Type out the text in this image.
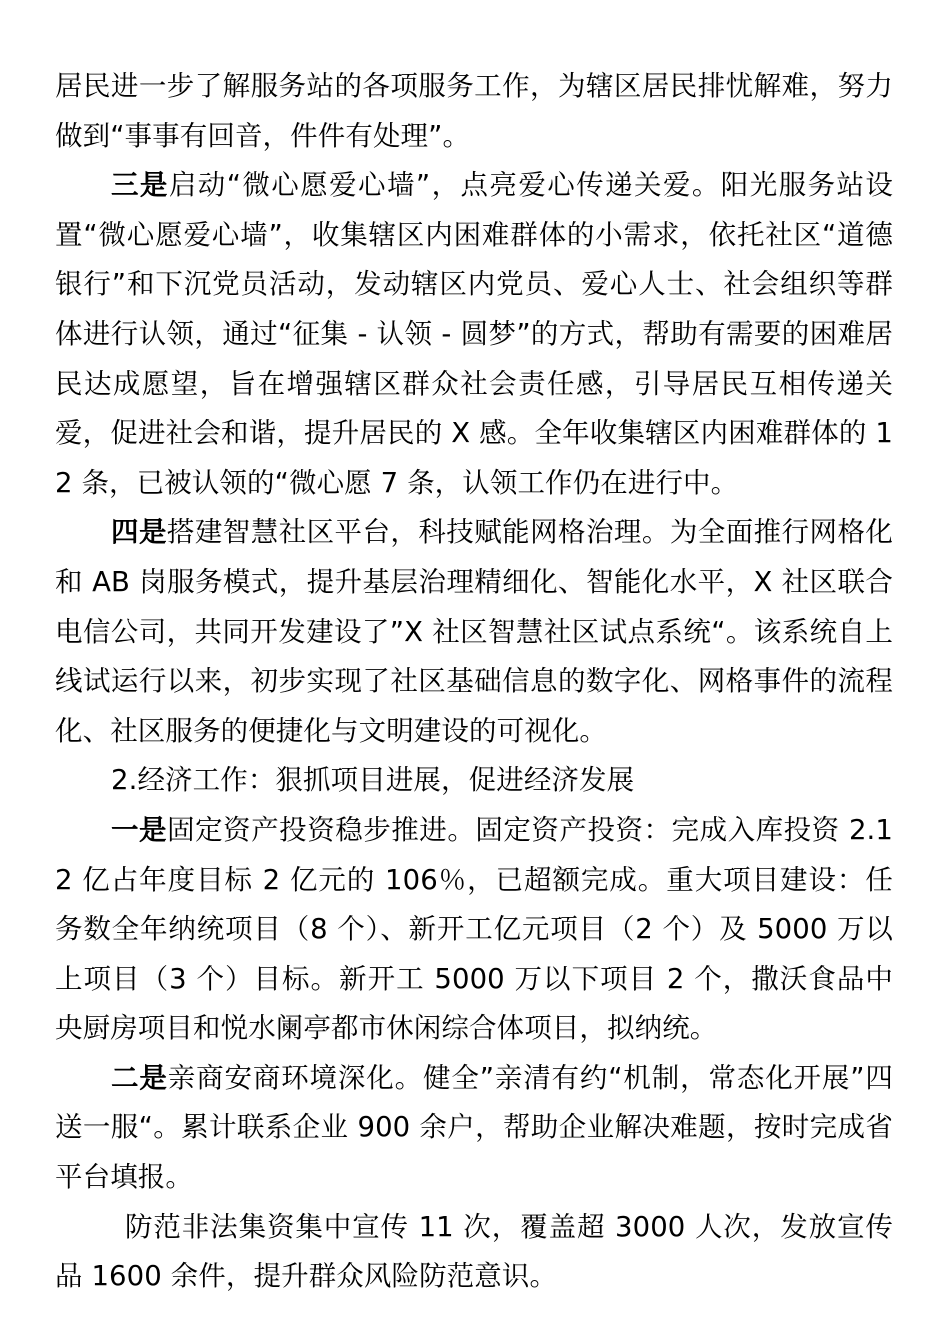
居民进一步了解服务站的各项服务工作，为辖区居民排忧解难，努力做到“事事有回音，件件有处理”。

三是启动“微心愿爱心墙”，点亮爱心传递关爱。阳光服务站设置“微心愿爱心墙”，收集辖区内困难群体的小需求，依托社区“道德银行”和下沉党员活动，发动辖区内党员、爱心人士、社会组织等群体进行认领，通过“征集 - 认领 - 圆梦”的方式，帮助有需要的困难居民达成愿望，旨在增强辖区群众社会责任感，引导居民互相传递关爱，促进社会和谐，提升居民的 X 感。全年收集辖区内困难群体的 12 条，已被认领的“微心愿 7 条，认领工作仍在进行中。

四是搭建智慧社区平台，科技赋能网格治理。为全面推行网格化和 AB 岗服务模式，提升基层治理精细化、智能化水平，X 社区联合电信公司，共同开发建设了”X 社区智慧社区试点系统“。该系统自上线试运行以来，初步实现了社区基础信息的数字化、网格事件的流程化、社区服务的便捷化与文明建设的可视化。

2.经济工作：狠抓项目进展，促进经济发展

一是固定资产投资稳步推进。固定资产投资：完成入库投资 2.12 亿占年度目标 2 亿元的 106％，已超额完成。重大项目建设：任务数全年纳统项目（8 个）、新开工亿元项目（2 个）及 5000 万以上项目（3 个）目标。新开工 5000 万以下项目 2 个，撒沃食品中央厨房项目和悦水阑亭都市休闲综合体项目，拟纳统。

二是亲商安商环境深化。健全”亲清有约“机制，常态化开展”四送一服“。累计联系企业 900 余户，帮助企业解决难题，按时完成省平台填报。

防范非法集资集中宣传 11 次，覆盖超 3000 人次，发放宣传品 1600 余件，提升群众风险防范意识。
